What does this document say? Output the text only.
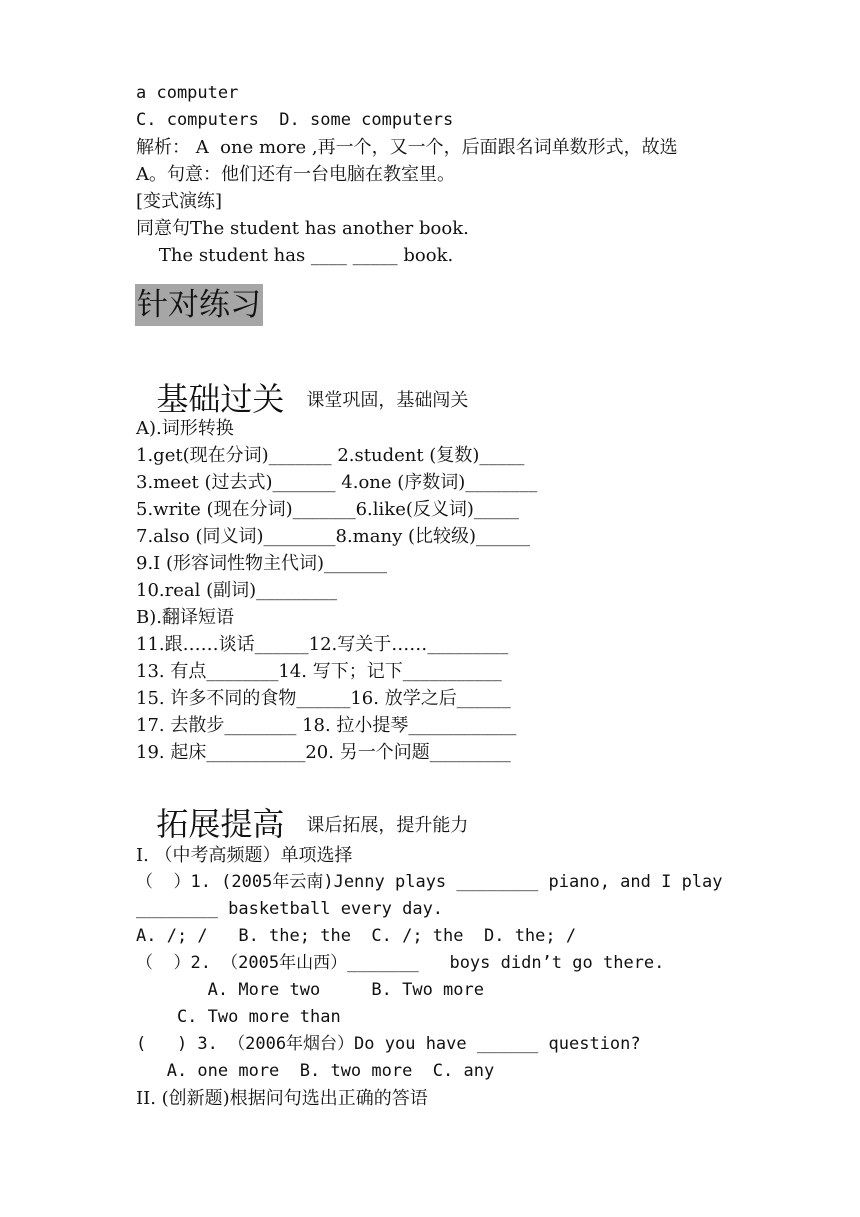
a computer
C. computers  D. some computers
解析： A  one more ,再一个，又一个，后面跟名词单数形式，故选
A。句意：他们还有一台电脑在教室里。
[变式演练]
同意句The student has another book.
The student has ____ _____ book.
针对练习

基础过关 课堂巩固，基础闯关

A).词形转换
1.get(现在分词)_______ 2.student (复数)_____
3.meet (过去式)_______ 4.one (序数词)________
5.write (现在分词)_______6.like(反义词)_____
7.also (同义词)________8.many (比较级)______
9.I (形容词性物主代词)_______
10.real (副词)_________
B).翻译短语
11.跟……谈话______12.写关于……_________
13. 有点________14. 写下；记下___________
15. 许多不同的食物______16. 放学之后______
17. 去散步________ 18. 拉小提琴____________
19. 起床___________20. 另一个问题_________

拓展提高 课后拓展，提升能力

I. （中考高频题）单项选择
（  ）1. (2005年云南)Jenny plays ________ piano, and I play
________ basketball every day.
A. /; /   B. the; the  C. /; the  D. the; /
（  ）2. （2005年山西）_______   boys didn’t go there.
A. More two     B. Two more
C. Two more than
(   ) 3. （2006年烟台）Do you have ______ question?
A. one more  B. two more  C. any
II. (创新题)根据问句选出正确的答语
